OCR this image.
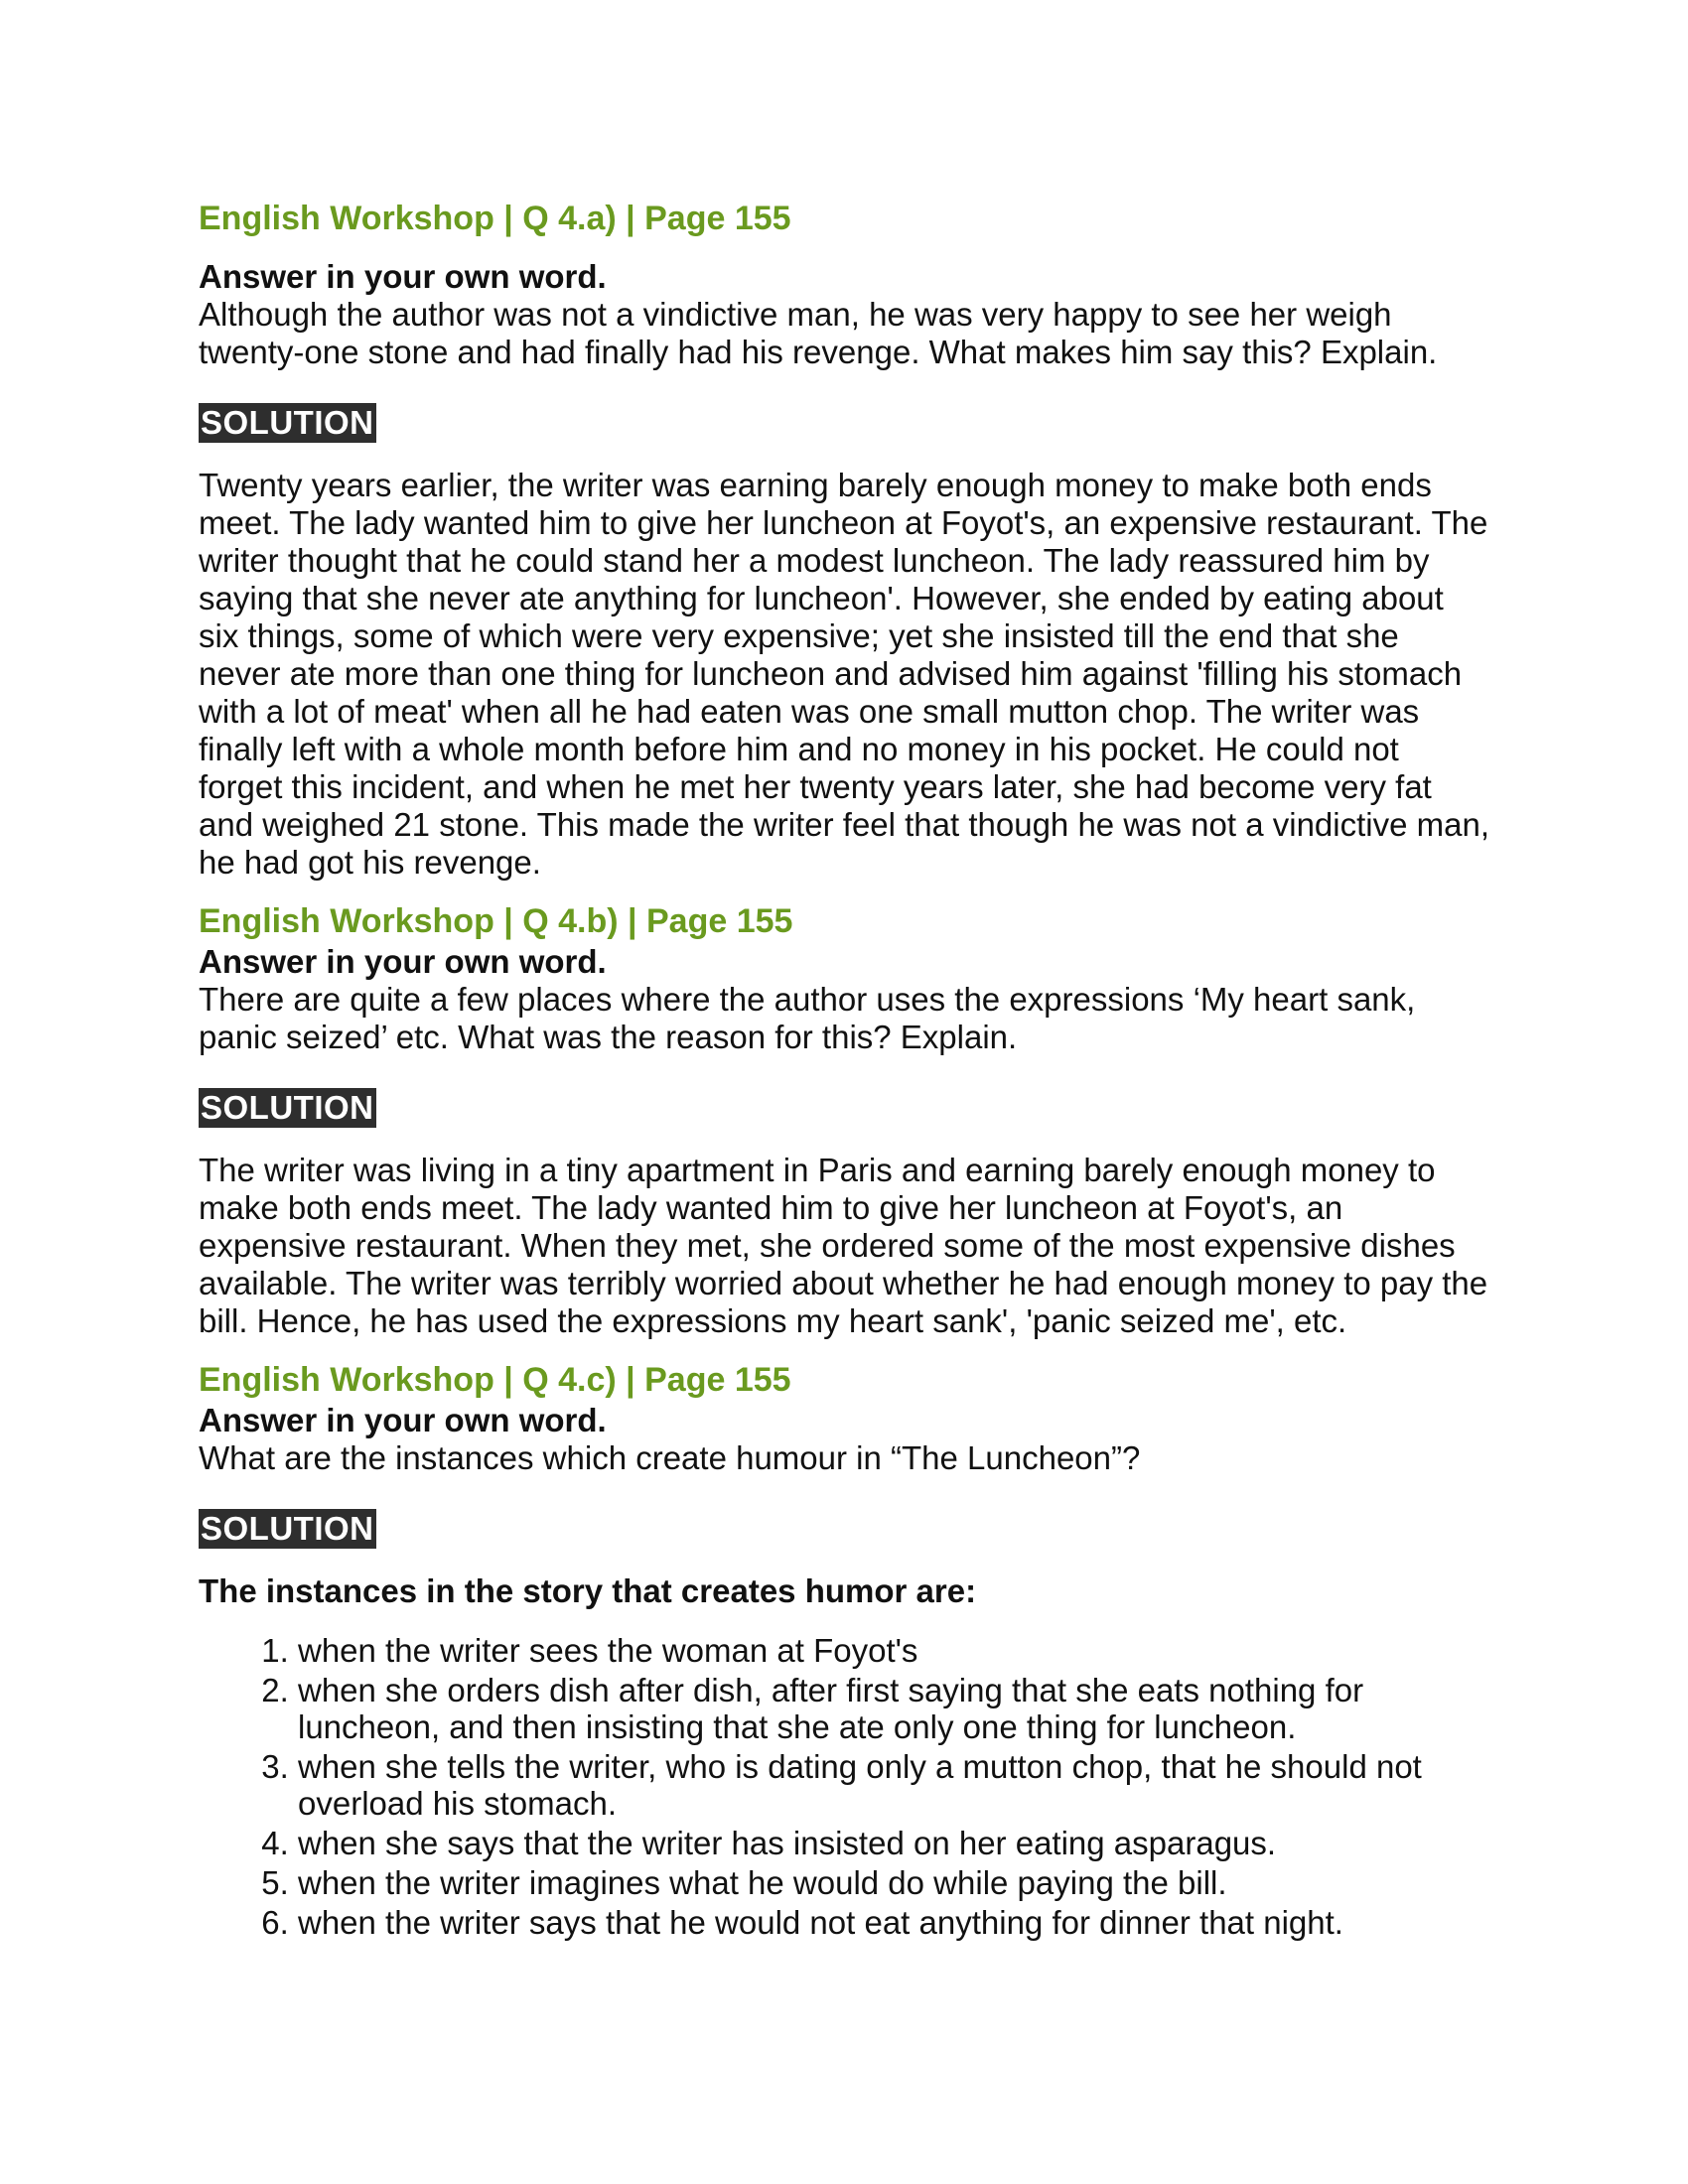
English Workshop | Q 4.a) | Page 155

Answer in your own word.

Although the author was not a vindictive man, he was very happy to see her weigh twenty-one stone and had finally had his revenge. What makes him say this? Explain.

SOLUTION

Twenty years earlier, the writer was earning barely enough money to make both ends meet. The lady wanted him to give her luncheon at Foyot's, an expensive restaurant. The writer thought that he could stand her a modest luncheon. The lady reassured him by saying that she never ate anything for luncheon'. However, she ended by eating about six things, some of which were very expensive; yet she insisted till the end that she never ate more than one thing for luncheon and advised him against 'filling his stomach with a lot of meat' when all he had eaten was one small mutton chop. The writer was finally left with a whole month before him and no money in his pocket. He could not forget this incident, and when he met her twenty years later, she had become very fat and weighed 21 stone. This made the writer feel that though he was not a vindictive man, he had got his revenge.

English Workshop | Q 4.b) | Page 155

Answer in your own word.

There are quite a few places where the author uses the expressions ‘My heart sank, panic seized’ etc. What was the reason for this? Explain.

SOLUTION

The writer was living in a tiny apartment in Paris and earning barely enough money to make both ends meet. The lady wanted him to give her luncheon at Foyot's, an expensive restaurant. When they met, she ordered some of the most expensive dishes available. The writer was terribly worried about whether he had enough money to pay the bill. Hence, he has used the expressions my heart sank', 'panic seized me', etc.

English Workshop | Q 4.c) | Page 155

Answer in your own word.

What are the instances which create humour in “The Luncheon”?

SOLUTION

The instances in the story that creates humor are:

1. when the writer sees the woman at Foyot's
2. when she orders dish after dish, after first saying that she eats nothing for luncheon, and then insisting that she ate only one thing for luncheon.
3. when she tells the writer, who is dating only a mutton chop, that he should not overload his stomach.
4. when she says that the writer has insisted on her eating asparagus.
5. when the writer imagines what he would do while paying the bill.
6. when the writer says that he would not eat anything for dinner that night.
